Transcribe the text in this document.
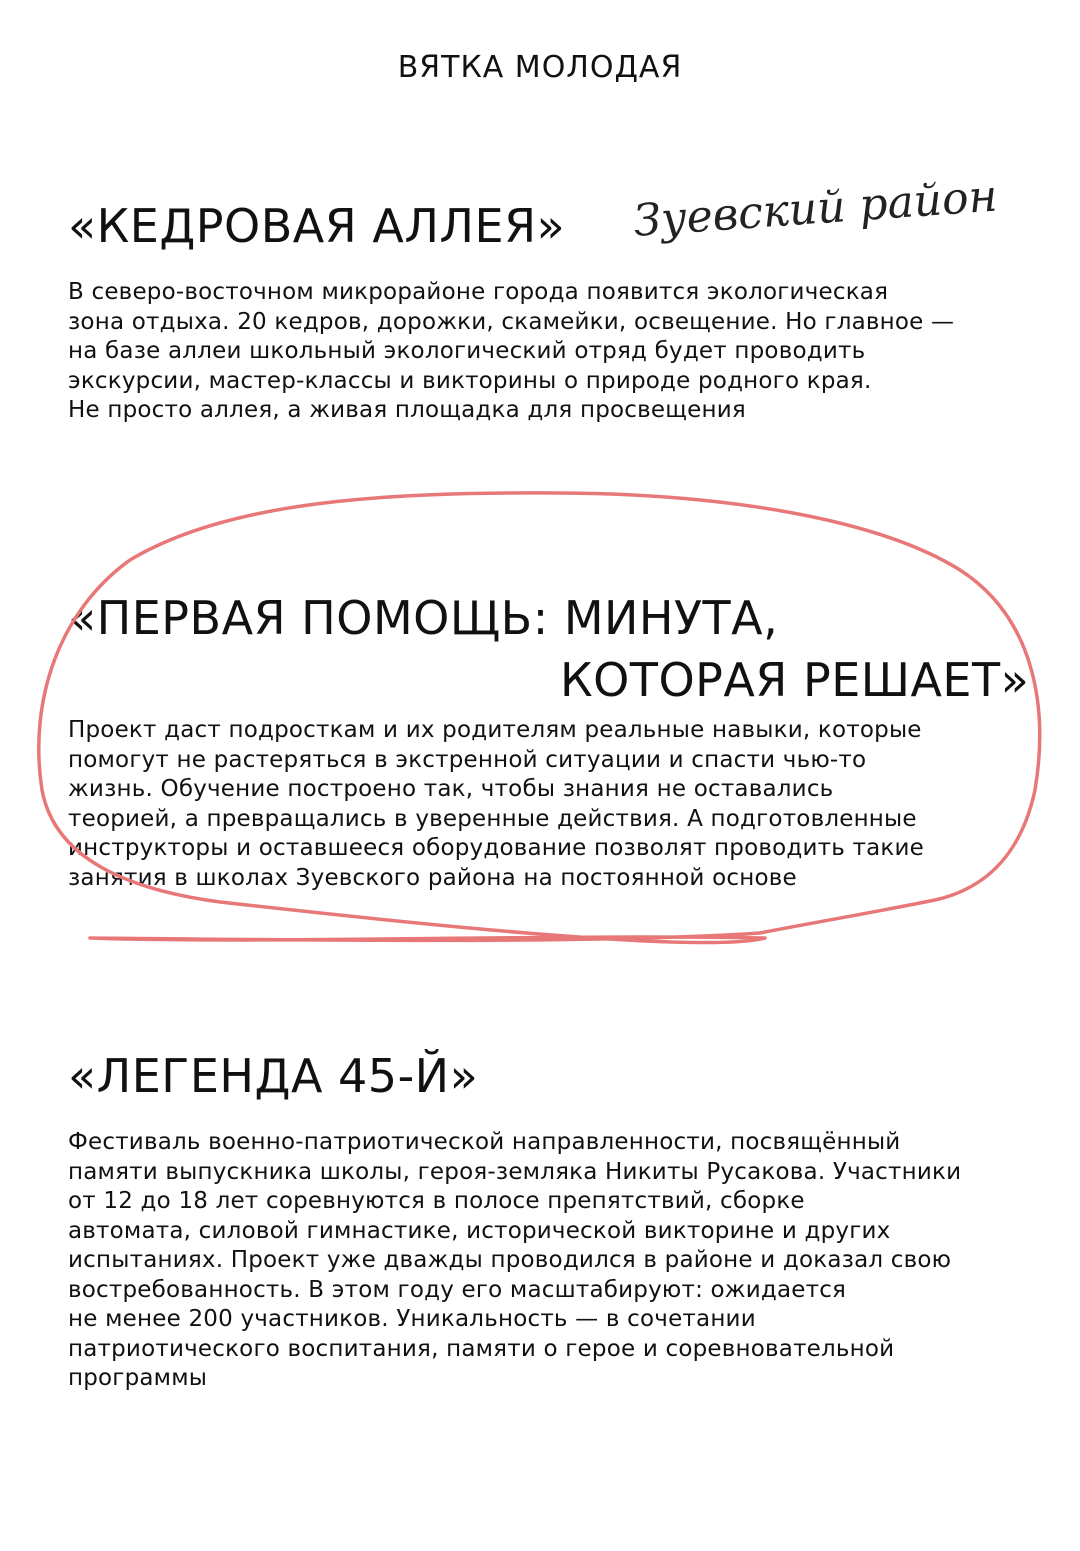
ВЯТКА МОЛОДАЯ
«КЕДРОВАЯ АЛЛЕЯ» Зуевский район
В северо-восточном микрорайоне города появится экологическая
зона отдыха. 20 кедров, дорожки, скамейки, освещение. Но главное —
на базе аллеи школьный экологический отряд будет проводить
экскурсии, мастер-классы и викторины о природе родного края.
Не просто аллея, а живая площадка для просвещения
«ПЕРВАЯ ПОМОЩЬ: МИНУТА,
КОТОРАЯ РЕШАЕТ»
Проект даст подросткам и их родителям реальные навыки, которые
помогут не растеряться в экстренной ситуации и спасти чью-то
жизнь. Обучение построено так, чтобы знания не оставались
теорией, а превращались в уверенные действия. А подготовленные
инструкторы и оставшееся оборудование позволят проводить такие
занятия в школах Зуевского района на постоянной основе
«ЛЕГЕНДА 45-Й»
Фестиваль военно-патриотической направленности, посвящённый
памяти выпускника школы, героя-земляка Никиты Русакова. Участники
от 12 до 18 лет соревнуются в полосе препятствий, сборке
автомата, силовой гимнастике, исторической викторине и других
испытаниях. Проект уже дважды проводился в районе и доказал свою
востребованность. В этом году его масштабируют: ожидается
не менее 200 участников. Уникальность — в сочетании
патриотического воспитания, памяти о герое и соревновательной
программы
